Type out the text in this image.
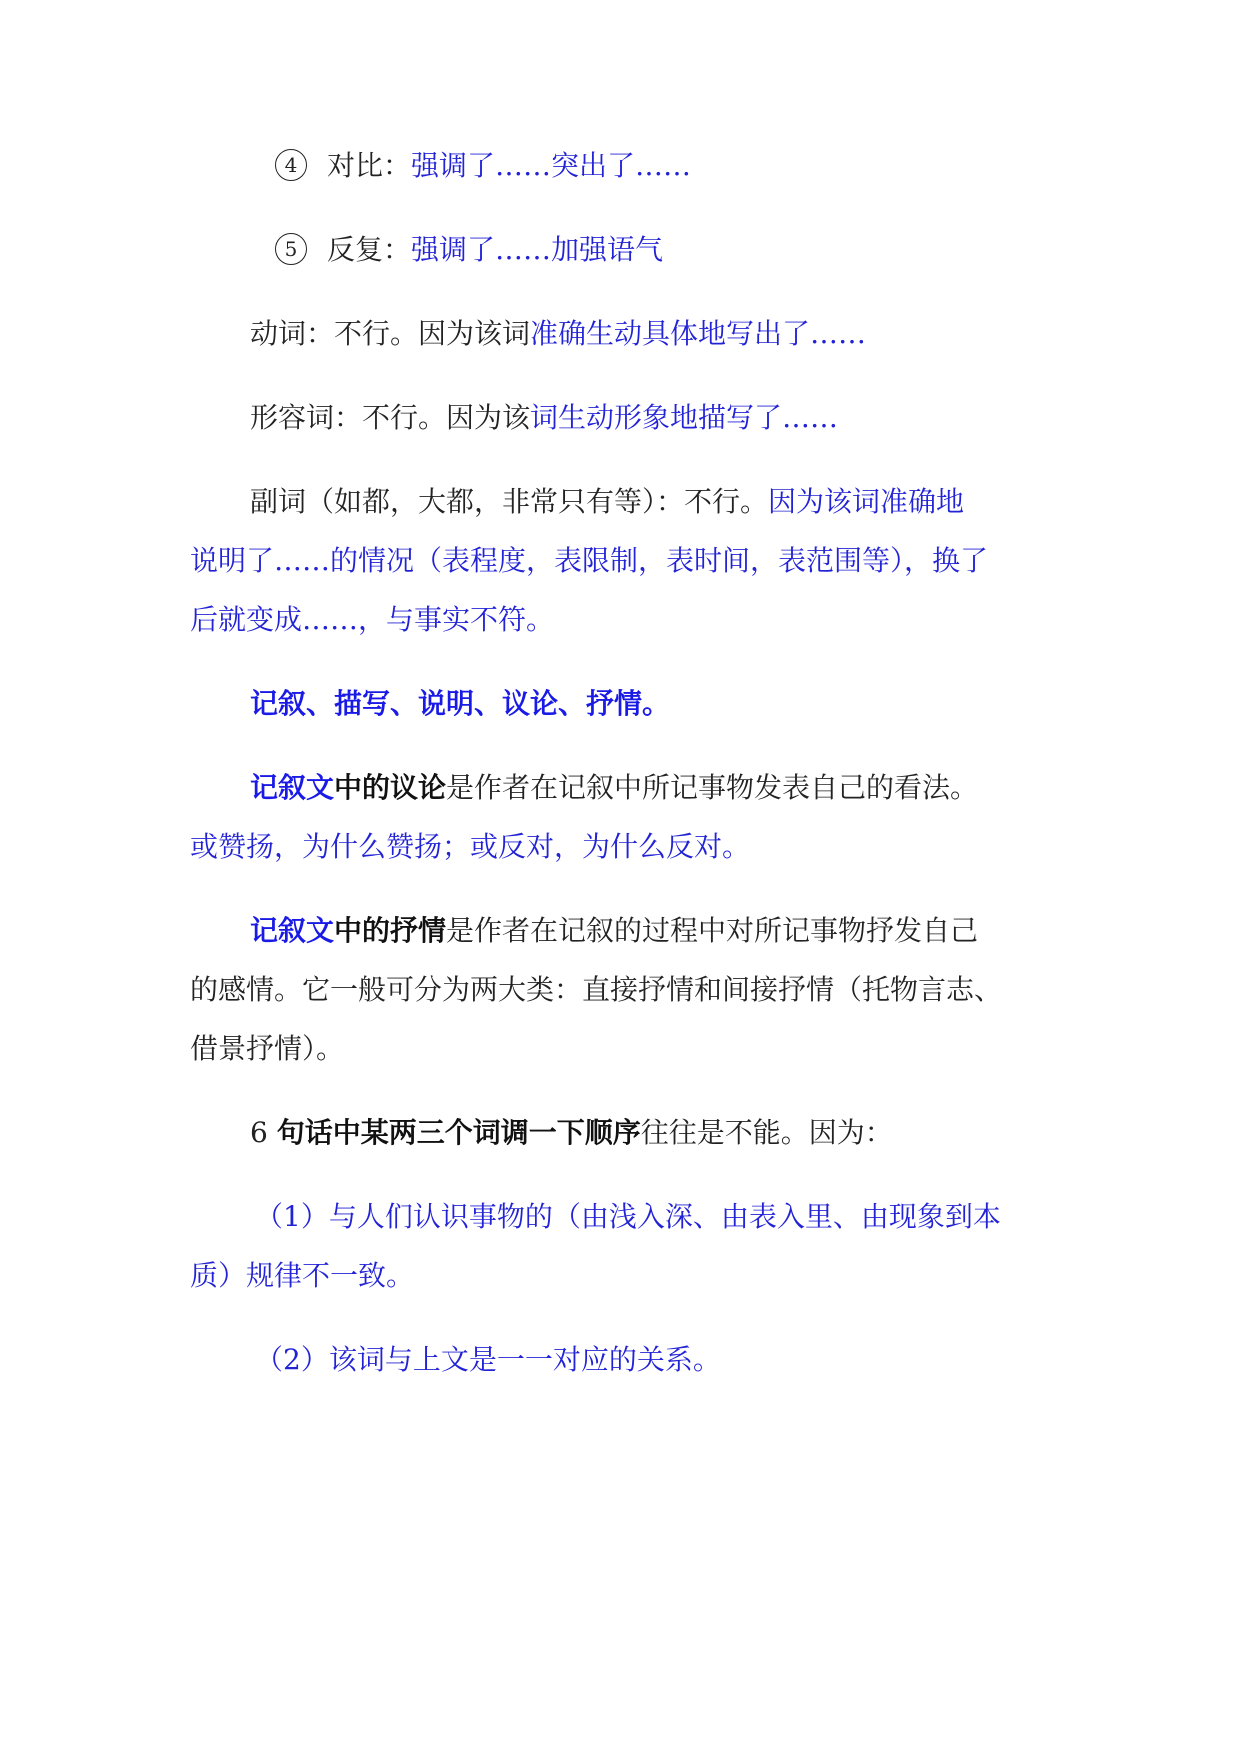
4 对比：强调了……突出了……
5 反复：强调了……加强语气
动词：不行。因为该词准确生动具体地写出了……
形容词：不行。因为该词生动形象地描写了……
副词（如都，大都，非常只有等）：不行。因为该词准确地
说明了……的情况（表程度，表限制，表时间，表范围等），换了
后就变成……，与事实不符。
记叙、描写、说明、议论、抒情。
记叙文中的议论是作者在记叙中所记事物发表自己的看法。
或赞扬，为什么赞扬；或反对，为什么反对。
记叙文中的抒情是作者在记叙的过程中对所记事物抒发自己
的感情。它一般可分为两大类：直接抒情和间接抒情（托物言志、
借景抒情）。
6 句话中某两三个词调一下顺序往往是不能。因为：
（1）与人们认识事物的（由浅入深、由表入里、由现象到本
质）规律不一致。
（2）该词与上文是一一对应的关系。
